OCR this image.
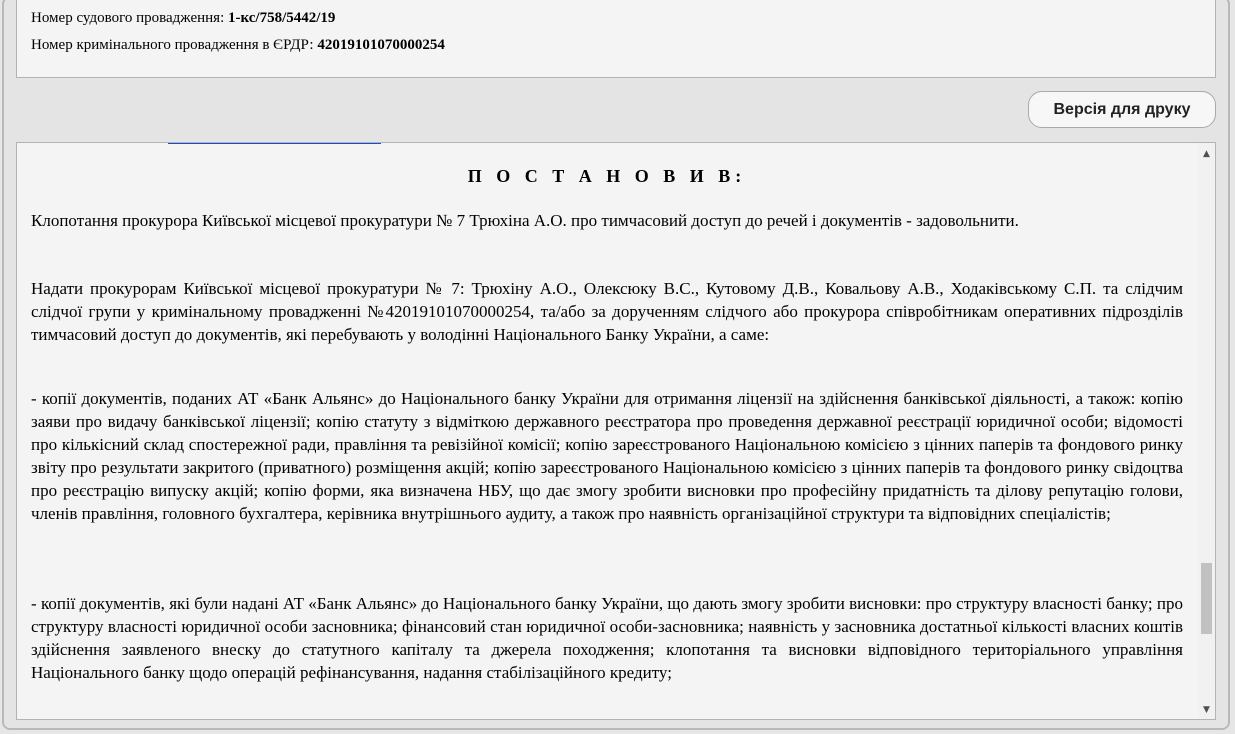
Номер судового провадження: 1-кс/758/5442/19
Номер кримінального провадження в ЄРДР: 42019101070000254
Версія для друку
П О С Т А Н О В И В:
Клопотання прокурора Київської місцевої прокуратури № 7 Трюхіна А.О. про тимчасовий доступ до речей і документів - задовольнити.
Надати прокурорам Київської місцевої прокуратури № 7: Трюхіну А.О., Олексюку В.С., Кутовому Д.В., Ковальову А.В., Ходаківському С.П. та слідчим слідчої групи у кримінальному провадженні №42019101070000254, та/або за дорученням слідчого або прокурора співробітникам оперативних підрозділів тимчасовий доступ до документів, які перебувають у володінні Національного Банку України, а саме:
- копії документів, поданих АТ «Банк Альянс» до Національного банку України для отримання ліцензії на здійснення банківської діяльності, а також: копію заяви про видачу банківської ліцензії; копію статуту з відміткою державного реєстратора про проведення державної реєстрації юридичної особи; відомості про кількісний склад спостережної ради, правління та ревізійної комісії; копію зареєстрованого Національною комісією з цінних паперів та фондового ринку звіту про результати закритого (приватного) розміщення акцій; копію зареєстрованого Національною комісією з цінних паперів та фондового ринку свідоцтва про реєстрацію випуску акцій; копію форми, яка визначена НБУ, що дає змогу зробити висновки про професійну придатність та ділову репутацію голови, членів правління, головного бухгалтера, керівника внутрішнього аудиту, а також про наявність організаційної структури та відповідних спеціалістів;
- копії документів, які були надані АТ «Банк Альянс» до Національного банку України, що дають змогу зробити висновки: про структуру власності банку; про структуру власності юридичної особи засновника; фінансовий стан юридичної особи-засновника; наявність у засновника достатньої кількості власних коштів здійснення заявленого внеску до статутного капіталу та джерела походження; клопотання та висновки відповідного територіального управління Національного банку щодо операцій рефінансування, надання стабілізаційного кредиту;
▲
▼
